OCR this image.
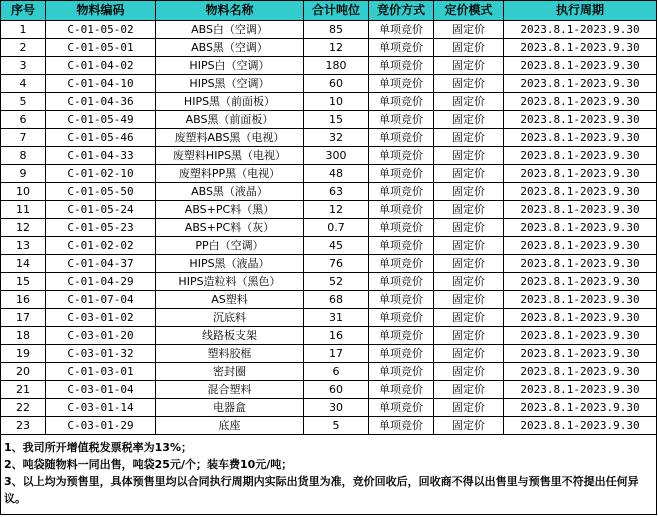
序号	物料编码	物料名称	合计吨位	竞价方式	定价模式	执行周期
1	C-01-05-02	ABS白（空调）	85	单项竞价	固定价	2023.8.1-2023.9.30
2	C-01-05-01	ABS黑（空调）	12	单项竞价	固定价	2023.8.1-2023.9.30
3	C-01-04-02	HIPS白（空调）	180	单项竞价	固定价	2023.8.1-2023.9.30
4	C-01-04-10	HIPS黑（空调）	60	单项竞价	固定价	2023.8.1-2023.9.30
5	C-01-04-36	HIPS黑（前面板）	10	单项竞价	固定价	2023.8.1-2023.9.30
6	C-01-05-49	ABS黑（前面板）	15	单项竞价	固定价	2023.8.1-2023.9.30
7	C-01-05-46	废塑料ABS黑（电视）	32	单项竞价	固定价	2023.8.1-2023.9.30
8	C-01-04-33	废塑料HIPS黑（电视）	300	单项竞价	固定价	2023.8.1-2023.9.30
9	C-01-02-10	废塑料PP黑（电视）	48	单项竞价	固定价	2023.8.1-2023.9.30
10	C-01-05-50	ABS黑（液晶）	63	单项竞价	固定价	2023.8.1-2023.9.30
11	C-01-05-24	ABS+PC料（黑）	12	单项竞价	固定价	2023.8.1-2023.9.30
12	C-01-05-23	ABS+PC料（灰）	0.7	单项竞价	固定价	2023.8.1-2023.9.30
13	C-01-02-02	PP白（空调）	45	单项竞价	固定价	2023.8.1-2023.9.30
14	C-01-04-37	HIPS黑（液晶）	76	单项竞价	固定价	2023.8.1-2023.9.30
15	C-01-04-29	HIPS造粒料（黑色）	52	单项竞价	固定价	2023.8.1-2023.9.30
16	C-01-07-04	AS塑料	68	单项竞价	固定价	2023.8.1-2023.9.30
17	C-03-01-02	沉底料	31	单项竞价	固定价	2023.8.1-2023.9.30
18	C-03-01-20	线路板支架	16	单项竞价	固定价	2023.8.1-2023.9.30
19	C-03-01-32	塑料胶框	17	单项竞价	固定价	2023.8.1-2023.9.30
20	C-01-03-01	密封圈	6	单项竞价	固定价	2023.8.1-2023.9.30
21	C-03-01-04	混合塑料	60	单项竞价	固定价	2023.8.1-2023.9.30
22	C-03-01-14	电器盒	30	单项竞价	固定价	2023.8.1-2023.9.30
23	C-03-01-29	底座	5	单项竞价	固定价	2023.8.1-2023.9.30

1、我司所开增值税发票税率为13%；

2、吨袋随物料一同出售，吨袋25元/个；装车费10元/吨；

3、以上均为预售里，具体预售里均以合同执行周期内实际出货里为准，竞价回收后，回收商不得以出售里与预售里不符提出任何异议。
